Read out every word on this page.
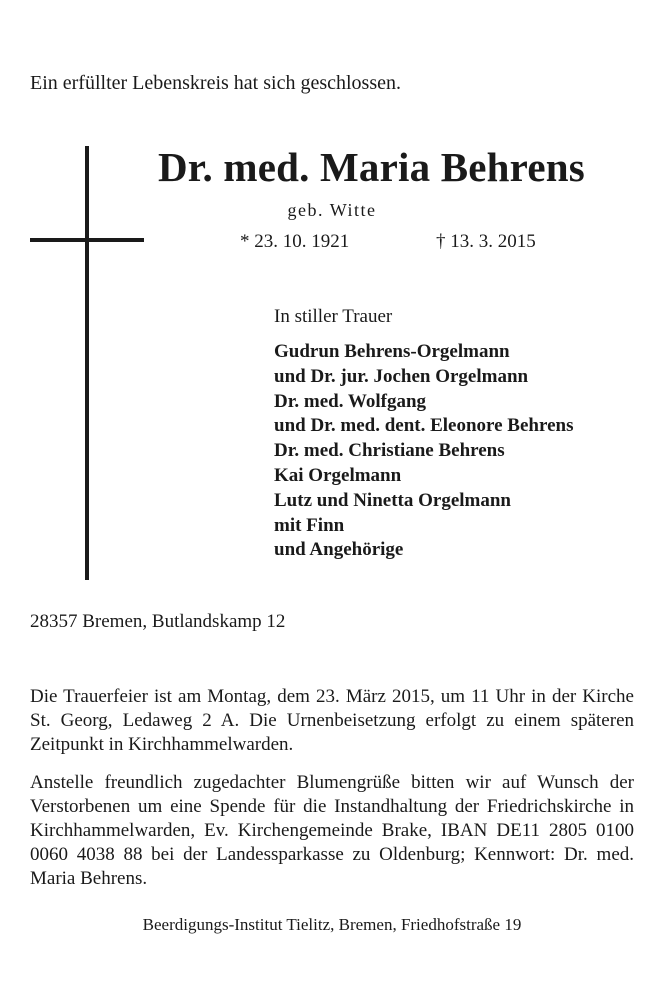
Ein erfüllter Lebenskreis hat sich geschlossen.
Dr. med. Maria Behrens
geb. Witte
* 23. 10. 1921	† 13. 3. 2015
In stiller Trauer
Gudrun Behrens-Orgelmann
und Dr. jur. Jochen Orgelmann
Dr. med. Wolfgang
und Dr. med. dent. Eleonore Behrens
Dr. med. Christiane Behrens
Kai Orgelmann
Lutz und Ninetta Orgelmann
mit Finn
und Angehörige
28357 Bremen, Butlandskamp 12

Die Trauerfeier ist am Montag, dem 23. März 2015, um 11 Uhr in der Kirche St. Georg, Ledaweg 2 A. Die Urnenbeisetzung erfolgt zu einem späteren Zeitpunkt in Kirchhammelwarden.

Anstelle freundlich zugedachter Blumengrüße bitten wir auf Wunsch der Verstorbenen um eine Spende für die Instandhaltung der Friedrichskirche in Kirchhammelwarden, Ev. Kirchengemeinde Brake, IBAN DE11 2805 0100 0060 4038 88 bei der Landessparkasse zu Oldenburg; Kennwort: Dr. med. Maria Behrens.

Beerdigungs-Institut Tielitz, Bremen, Friedhofstraße 19
